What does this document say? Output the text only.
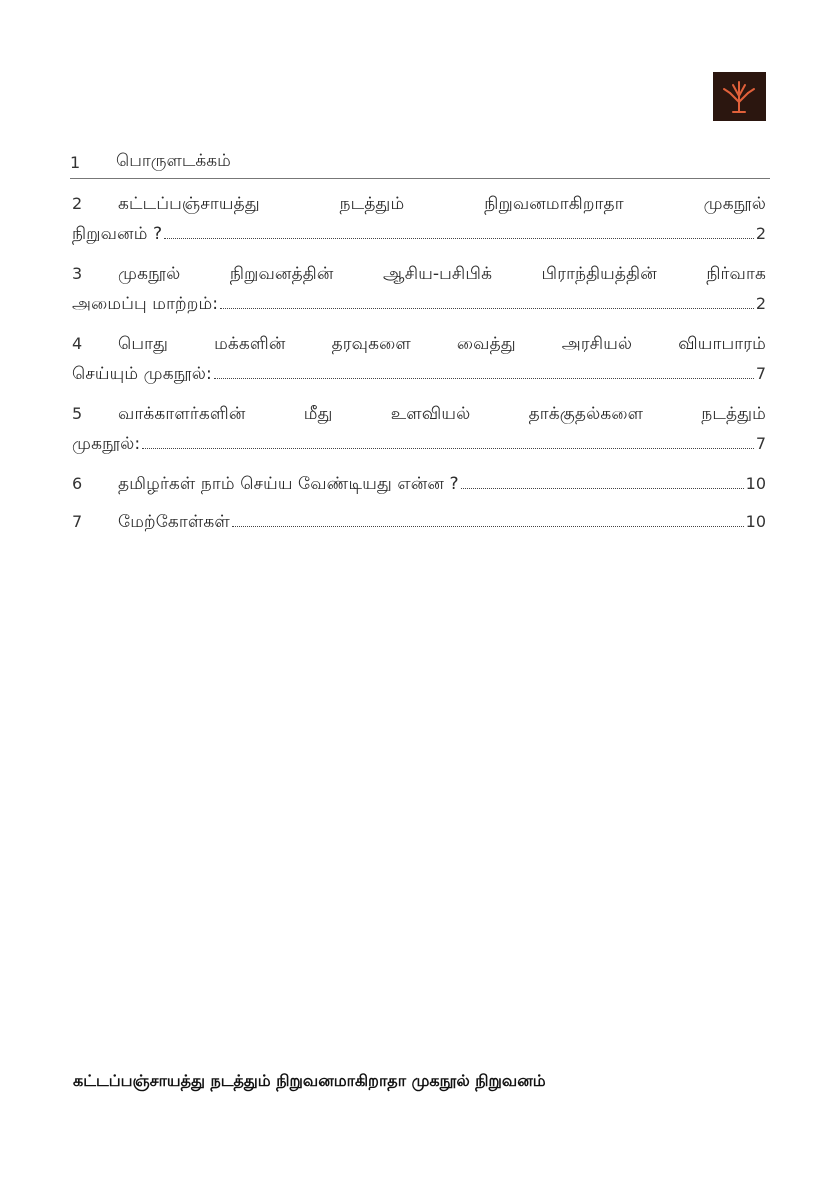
1	பொருளடக்கம்
2	கட்டப்பஞ்சாயத்து	நடத்தும்	நிறுவனமாகிறாதா	முகநூல்
நிறுவனம் ?	2
3	முகநூல்	நிறுவனத்தின்	ஆசிய-பசிபிக்	பிராந்தியத்தின்	நிர்வாக
அமைப்பு மாற்றம்:	2
4	பொது	மக்களின்	தரவுகளை	வைத்து	அரசியல்	வியாபாரம்
செய்யும் முகநூல்:	7
5	வாக்காளர்களின்	மீது	உளவியல்	தாக்குதல்களை	நடத்தும்
முகநூல்:	7
6	தமிழர்கள் நாம் செய்ய வேண்டியது என்ன ?	10
7	மேற்கோள்கள்	10
கட்டப்பஞ்சாயத்து நடத்தும் நிறுவனமாகிறாதா முகநூல் நிறுவனம்
